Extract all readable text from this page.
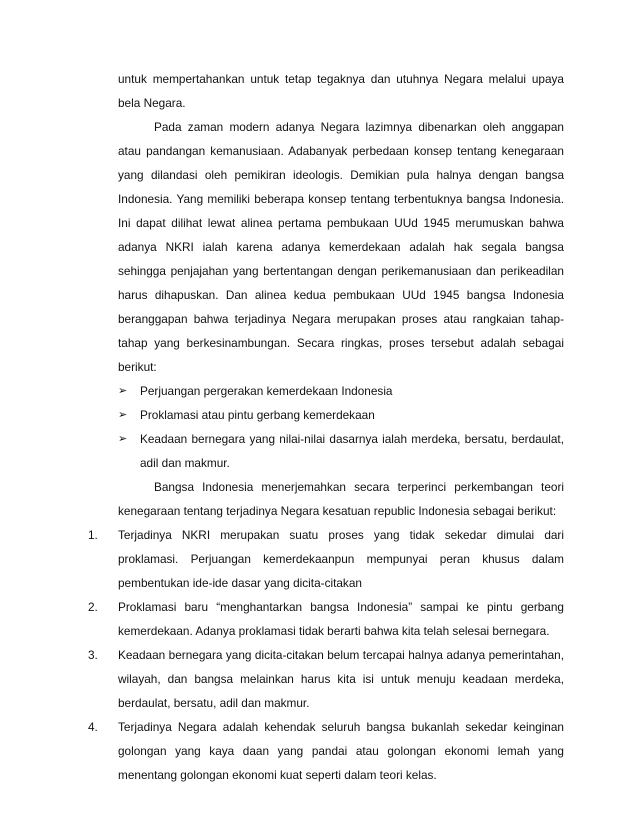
untuk mempertahankan untuk tetap tegaknya dan utuhnya Negara melalui upaya bela Negara.

Pada zaman modern adanya Negara lazimnya dibenarkan oleh anggapan atau pandangan kemanusiaan. Adabanyak perbedaan konsep tentang kenegaraan yang dilandasi oleh pemikiran ideologis. Demikian pula halnya dengan bangsa Indonesia. Yang memiliki beberapa konsep tentang terbentuknya bangsa Indonesia. Ini dapat dilihat lewat alinea pertama pembukaan UUd 1945 merumuskan bahwa adanya NKRI ialah karena adanya kemerdekaan adalah hak segala bangsa sehingga penjajahan yang bertentangan dengan perikemanusiaan dan perikeadilan harus dihapuskan. Dan alinea kedua pembukaan UUd 1945 bangsa Indonesia beranggapan bahwa terjadinya Negara merupakan proses atau rangkaian tahap-tahap yang berkesinambungan. Secara ringkas, proses tersebut adalah sebagai berikut:

➢ Perjuangan pergerakan kemerdekaan Indonesia
➢ Proklamasi atau pintu gerbang kemerdekaan
➢ Keadaan bernegara yang nilai-nilai dasarnya ialah merdeka, bersatu, berdaulat, adil dan makmur.

Bangsa Indonesia menerjemahkan secara terperinci perkembangan teori kenegaraan tentang terjadinya Negara kesatuan republic Indonesia sebagai berikut:

1.	Terjadinya NKRI merupakan suatu proses yang tidak sekedar dimulai dari proklamasi. Perjuangan kemerdekaanpun mempunyai peran khusus dalam pembentukan ide-ide dasar yang dicita-citakan
2.	Proklamasi baru “menghantarkan bangsa Indonesia” sampai ke pintu gerbang kemerdekaan. Adanya proklamasi tidak berarti bahwa kita telah selesai bernegara.
3.	Keadaan bernegara yang dicita-citakan belum tercapai halnya adanya pemerintahan, wilayah, dan bangsa melainkan harus kita isi untuk menuju keadaan merdeka, berdaulat, bersatu, adil dan makmur.
4.	Terjadinya Negara adalah kehendak seluruh bangsa bukanlah sekedar keinginan golongan yang kaya daan yang pandai atau golongan ekonomi lemah yang menentang golongan ekonomi kuat seperti dalam teori kelas.
